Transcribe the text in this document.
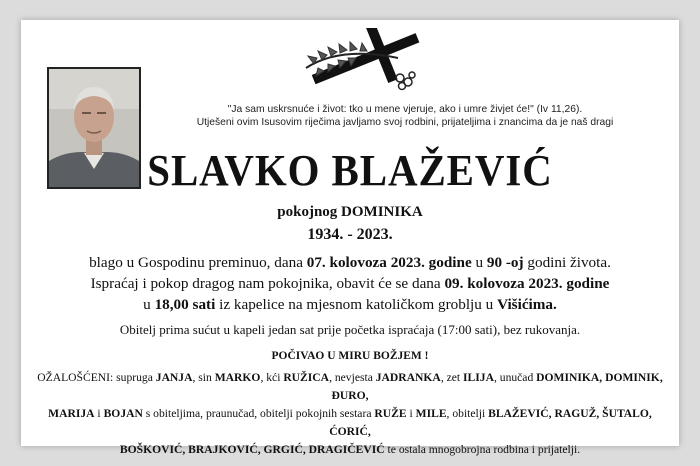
"Ja sam uskrsnuće i život: tko u mene vjeruje, ako i umre živjet će!" (Iv 11,26).
Utješeni ovim Isusovim riječima javljamo svoj rodbini, prijateljima i znancima da je naš dragi
SLAVKO BLAŽEVIĆ
pokojnog DOMINIKA
1934. - 2023.
blago u Gospodinu preminuo, dana 07. kolovoza 2023. godine u 90 -oj godini života.
Ispraćaj i pokop dragog nam pokojnika, obavit će se dana 09. kolovoza 2023. godine
u 18,00 sati iz kapelice na mjesnom katoličkom groblju u Višićima.
Obitelj prima sućut u kapeli jedan sat prije početka ispraćaja (17:00 sati), bez rukovanja.
POČIVAO U MIRU BOŽJEM !
OŽALOŠĆENI: supruga JANJA, sin MARKO, kći RUŽICA, nevjesta JADRANKA, zet ILIJA, unučad DOMINIKA, DOMINIK, ĐURO,
MARIJA i BOJAN s obiteljima, praunučad, obitelji pokojnih sestara RUŽE i MILE, obitelji BLAŽEVIĆ, RAGUŽ, ŠUTALO, ĆORIĆ,
BOŠKOVIĆ, BRAJKOVIĆ, GRGIĆ, DRAGIČEVIĆ te ostala mnogobrojna rodbina i prijatelji.
